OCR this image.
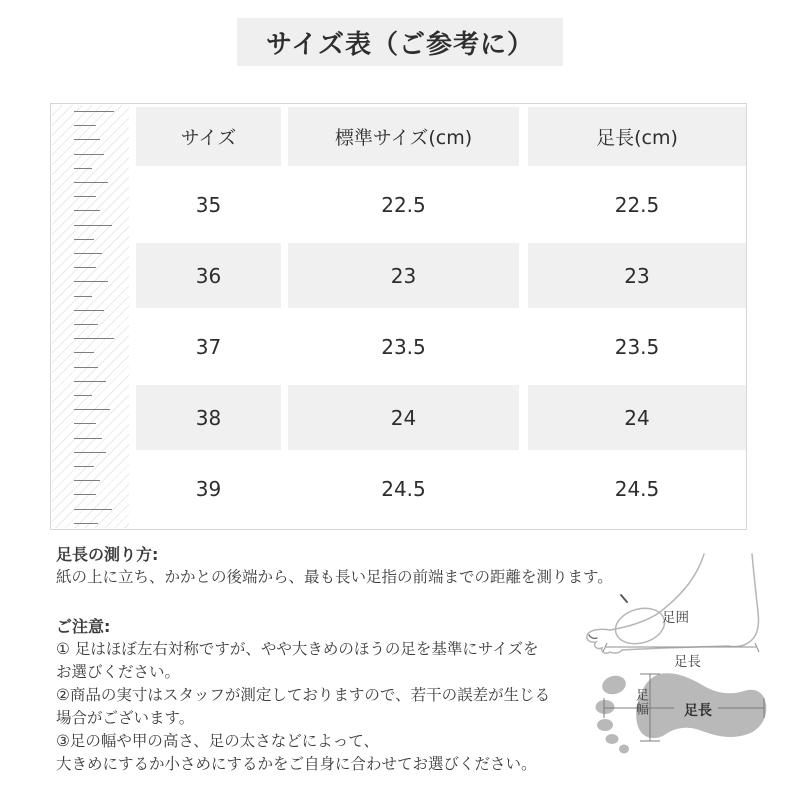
サイズ表（ご参考に）
サイズ	標準サイズ(cm)	足長(cm)
35	22.5	22.5
36	23	23
37	23.5	23.5
38	24	24
39	24.5	24.5
足長の測り方:
紙の上に立ち、かかとの後端から、最も長い足指の前端までの距離を測ります。
ご注意:
① 足はほぼ左右対称ですが、やや大きめのほうの足を基準にサイズを
お選びください。
②商品の実寸はスタッフが測定しておりますので、若干の誤差が生じる
場合がございます。
③足の幅や甲の高さ、足の太さなどによって、
大きめにするか小さめにするかをご自身に合わせてお選びください。
足囲
足長
足幅	足長
